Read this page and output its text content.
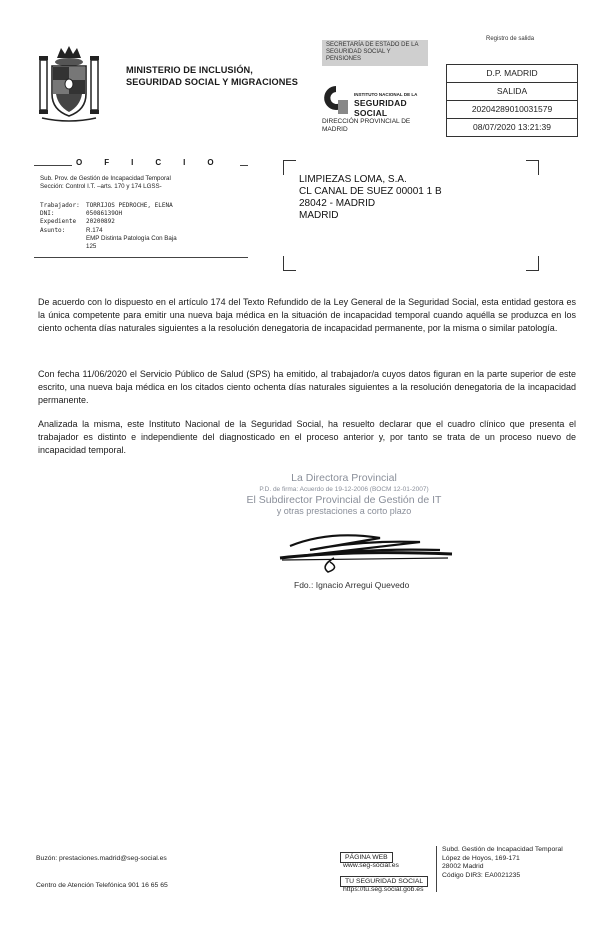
MINISTERIO DE INCLUSIÓN,
SEGURIDAD SOCIAL Y MIGRACIONES
SECRETARÍA DE ESTADO DE LA SEGURIDAD SOCIAL Y PENSIONES
INSTITUTO NACIONAL DE LA
SEGURIDAD SOCIAL
DIRECCIÓN PROVINCIAL DE
MADRID
Registro de salida
D.P. MADRID
SALIDA
20204289010031579
08/07/2020 13:21:39
OFICIO
Sub. Prov. de Gestión de Incapacidad Temporal
Sección: Control I.T. –arts. 170 y 174 LGSS-
Trabajador:	TORRIJOS PEDROCHE, ELENA
DNI:	05086139OH
Expediente	20200892
Asunto:	R.174
EMP Distinta Patología Con Baja
125
LIMPIEZAS LOMA, S.A.
CL CANAL DE SUEZ 00001 1 B
28042 - MADRID
MADRID
De acuerdo con lo dispuesto en el artículo 174 del Texto Refundido de la Ley General de la Seguridad Social, esta entidad gestora es la única competente para emitir una nueva baja médica en la situación de incapacidad temporal cuando aquélla se produzca en los ciento ochenta días naturales siguientes a la resolución denegatoria de incapacidad permanente, por la misma o similar patología.
Con fecha 11/06/2020 el Servicio Público de Salud (SPS) ha emitido, al trabajador/a cuyos datos figuran en la parte superior de este escrito, una nueva baja médica en los citados ciento ochenta días naturales siguientes a la resolución denegatoria de la incapacidad permanente.
Analizada la misma, este Instituto Nacional de la Seguridad Social, ha resuelto declarar que el cuadro clínico que presenta el trabajador es distinto e independiente del diagnosticado en el proceso anterior y, por tanto se trata de un proceso nuevo de incapacidad temporal.
La Directora Provincial
P.D. de firma: Acuerdo de 19-12-2006 (BOCM 12-01-2007)
El Subdirector Provincial de Gestión de IT
y otras prestaciones a corto plazo
Fdo.: Ignacio Arregui Quevedo
Buzón: prestaciones.madrid@seg-social.es
Centro de Atención Telefónica 901 16 65 65
PÁGINA WEB
www.seg-social.es
TU SEGURIDAD SOCIAL
https://tu.seg.social.gob.es
Subd. Gestión de Incapacidad Temporal
López de Hoyos, 169-171
28002 Madrid
Código DIR3: EA0021235
